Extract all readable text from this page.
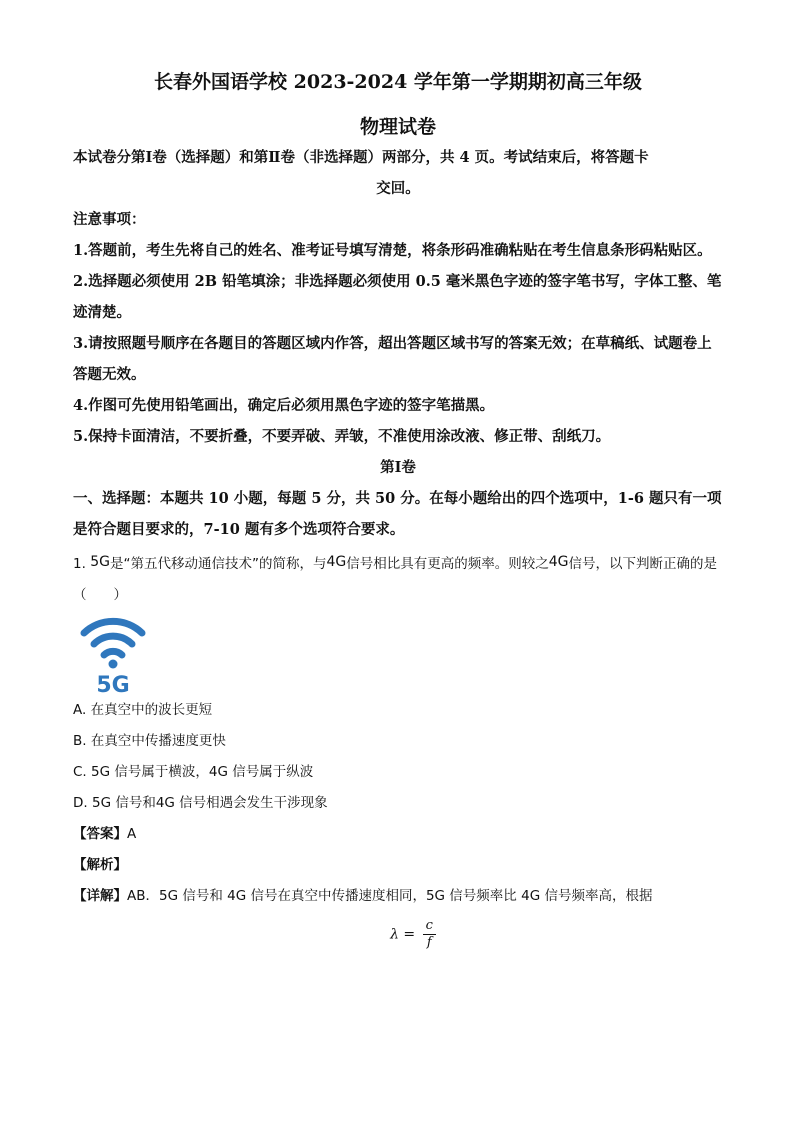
长春外国语学校 2023-2024 学年第一学期期初高三年级
物理试卷
本试卷分第Ⅰ卷（选择题）和第Ⅱ卷（非选择题）两部分，共 4 页。考试结束后，将答题卡
交回。
注意事项：
1.答题前，考生先将自己的姓名、准考证号填写清楚，将条形码准确粘贴在考生信息条形码粘贴区。
2.选择题必须使用 2B 铅笔填涂；非选择题必须使用 0.5 毫米黑色字迹的签字笔书写，字体工整、笔迹清楚。
3.请按照题号顺序在各题目的答题区域内作答，超出答题区域书写的答案无效；在草稿纸、试题卷上答题无效。
4.作图可先使用铅笔画出，确定后必须用黑色字迹的签字笔描黑。
5.保持卡面清洁，不要折叠，不要弄破、弄皱，不准使用涂改液、修正带、刮纸刀。
第Ⅰ卷
一、选择题：本题共 10 小题，每题 5 分，共 50 分。在每小题给出的四个选项中，1-6 题只有一项是符合题目要求的，7-10 题有多个选项符合要求。
1. 5G是“第五代移动通信技术”的简称，与4G信号相比具有更高的频率。则较之4G信号，以下判断正确的是（　　）
5G
A. 在真空中的波长更短
B. 在真空中传播速度更快
C. 5G 信号属于横波，4G 信号属于纵波
D. 5G 信号和4G 信号相遇会发生干涉现象
【答案】A
【解析】
【详解】AB．5G 信号和 4G 信号在真空中传播速度相同，5G 信号频率比 4G 信号频率高，根据
$\lambda = \frac{c}{f}$
